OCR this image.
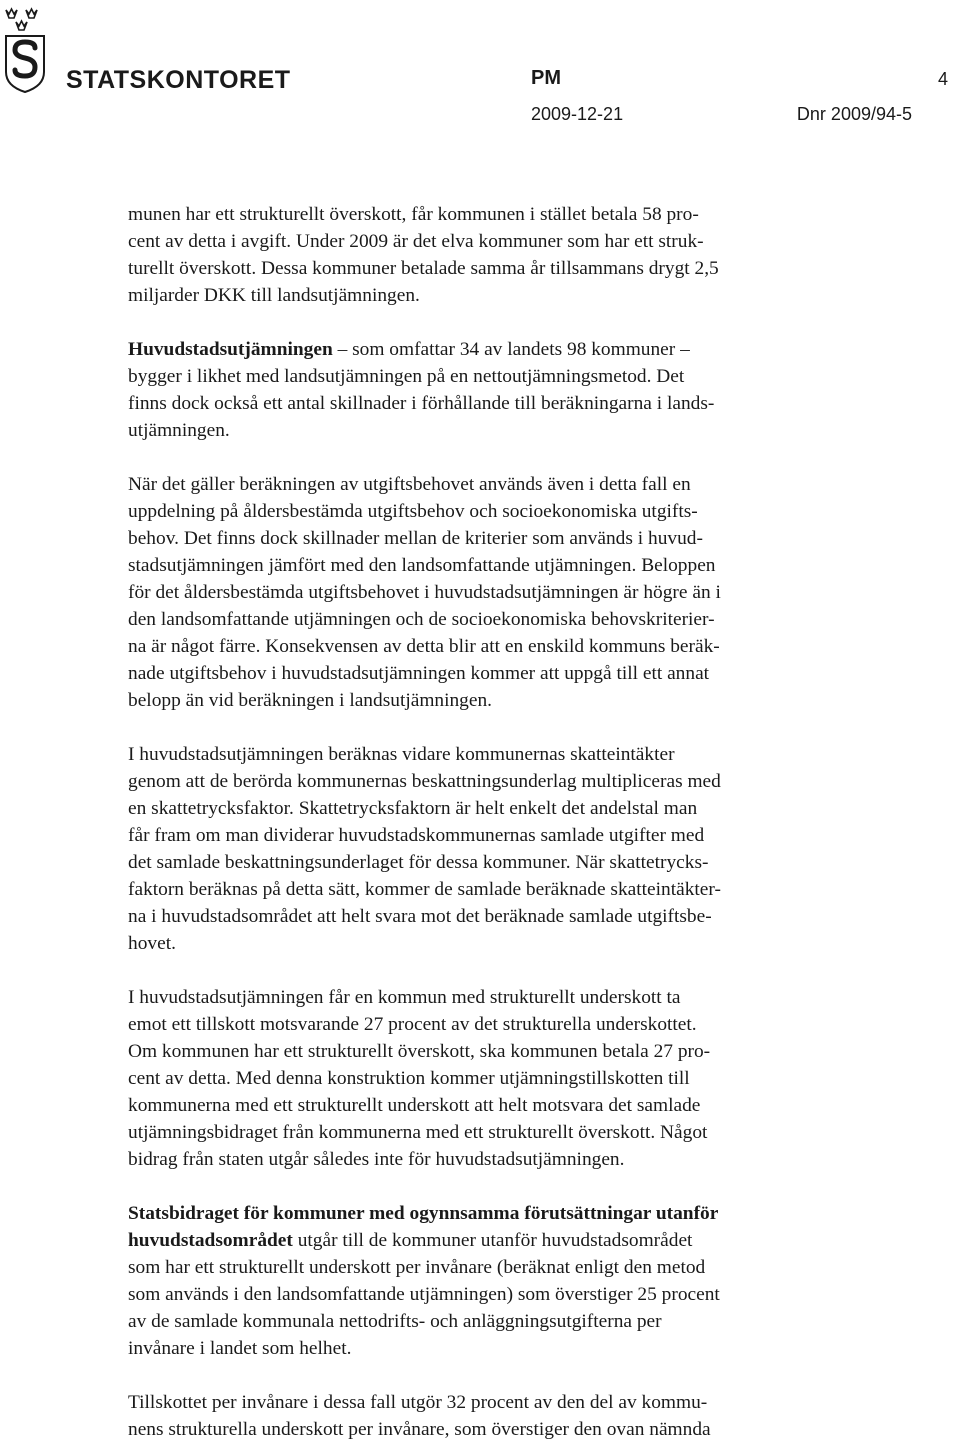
STATSKONTORET	PM	4
2009-12-21	Dnr 2009/94-5

munen har ett strukturellt överskott, får kommunen i stället betala 58 pro-
cent av detta i avgift. Under 2009 är det elva kommuner som har ett struk-
turellt överskott. Dessa kommuner betalade samma år tillsammans drygt 2,5
miljarder DKK till landsutjämningen.

Huvudstadsutjämningen – som omfattar 34 av landets 98 kommuner –
bygger i likhet med landsutjämningen på en nettoutjämningsmetod. Det
finns dock också ett antal skillnader i förhållande till beräkningarna i lands-
utjämningen.

När det gäller beräkningen av utgiftsbehovet används även i detta fall en
uppdelning på åldersbestämda utgiftsbehov och socioekonomiska utgifts-
behov. Det finns dock skillnader mellan de kriterier som används i huvud-
stadsutjämningen jämfört med den landsomfattande utjämningen. Beloppen
för det åldersbestämda utgiftsbehovet i huvudstadsutjämningen är högre än i
den landsomfattande utjämningen och de socioekonomiska behovskriterier-
na är något färre. Konsekvensen av detta blir att en enskild kommuns beräk-
nade utgiftsbehov i huvudstadsutjämningen kommer att uppgå till ett annat
belopp än vid beräkningen i landsutjämningen.

I huvudstadsutjämningen beräknas vidare kommunernas skatteintäkter
genom att de berörda kommunernas beskattningsunderlag multipliceras med
en skattetrycksfaktor. Skattetrycksfaktorn är helt enkelt det andelstal man
får fram om man dividerar huvudstadskommunernas samlade utgifter med
det samlade beskattningsunderlaget för dessa kommuner. När skattetrycks-
faktorn beräknas på detta sätt, kommer de samlade beräknade skatteintäkter-
na i huvudstadsområdet att helt svara mot det beräknade samlade utgiftsbe-
hovet.

I huvudstadsutjämningen får en kommun med strukturellt underskott ta
emot ett tillskott motsvarande 27 procent av det strukturella underskottet.
Om kommunen har ett strukturellt överskott, ska kommunen betala 27 pro-
cent av detta. Med denna konstruktion kommer utjämningstillskotten till
kommunerna med ett strukturellt underskott att helt motsvara det samlade
utjämningsbidraget från kommunerna med ett strukturellt överskott. Något
bidrag från staten utgår således inte för huvudstadsutjämningen.

Statsbidraget för kommuner med ogynnsamma förutsättningar utanför
huvudstadsområdet utgår till de kommuner utanför huvudstadsområdet
som har ett strukturellt underskott per invånare (beräknat enligt den metod
som används i den landsomfattande utjämningen) som överstiger 25 procent
av de samlade kommunala nettodrifts- och anläggningsutgifterna per
invånare i landet som helhet.

Tillskottet per invånare i dessa fall utgör 32 procent av den del av kommu-
nens strukturella underskott per invånare, som överstiger den ovan nämnda
